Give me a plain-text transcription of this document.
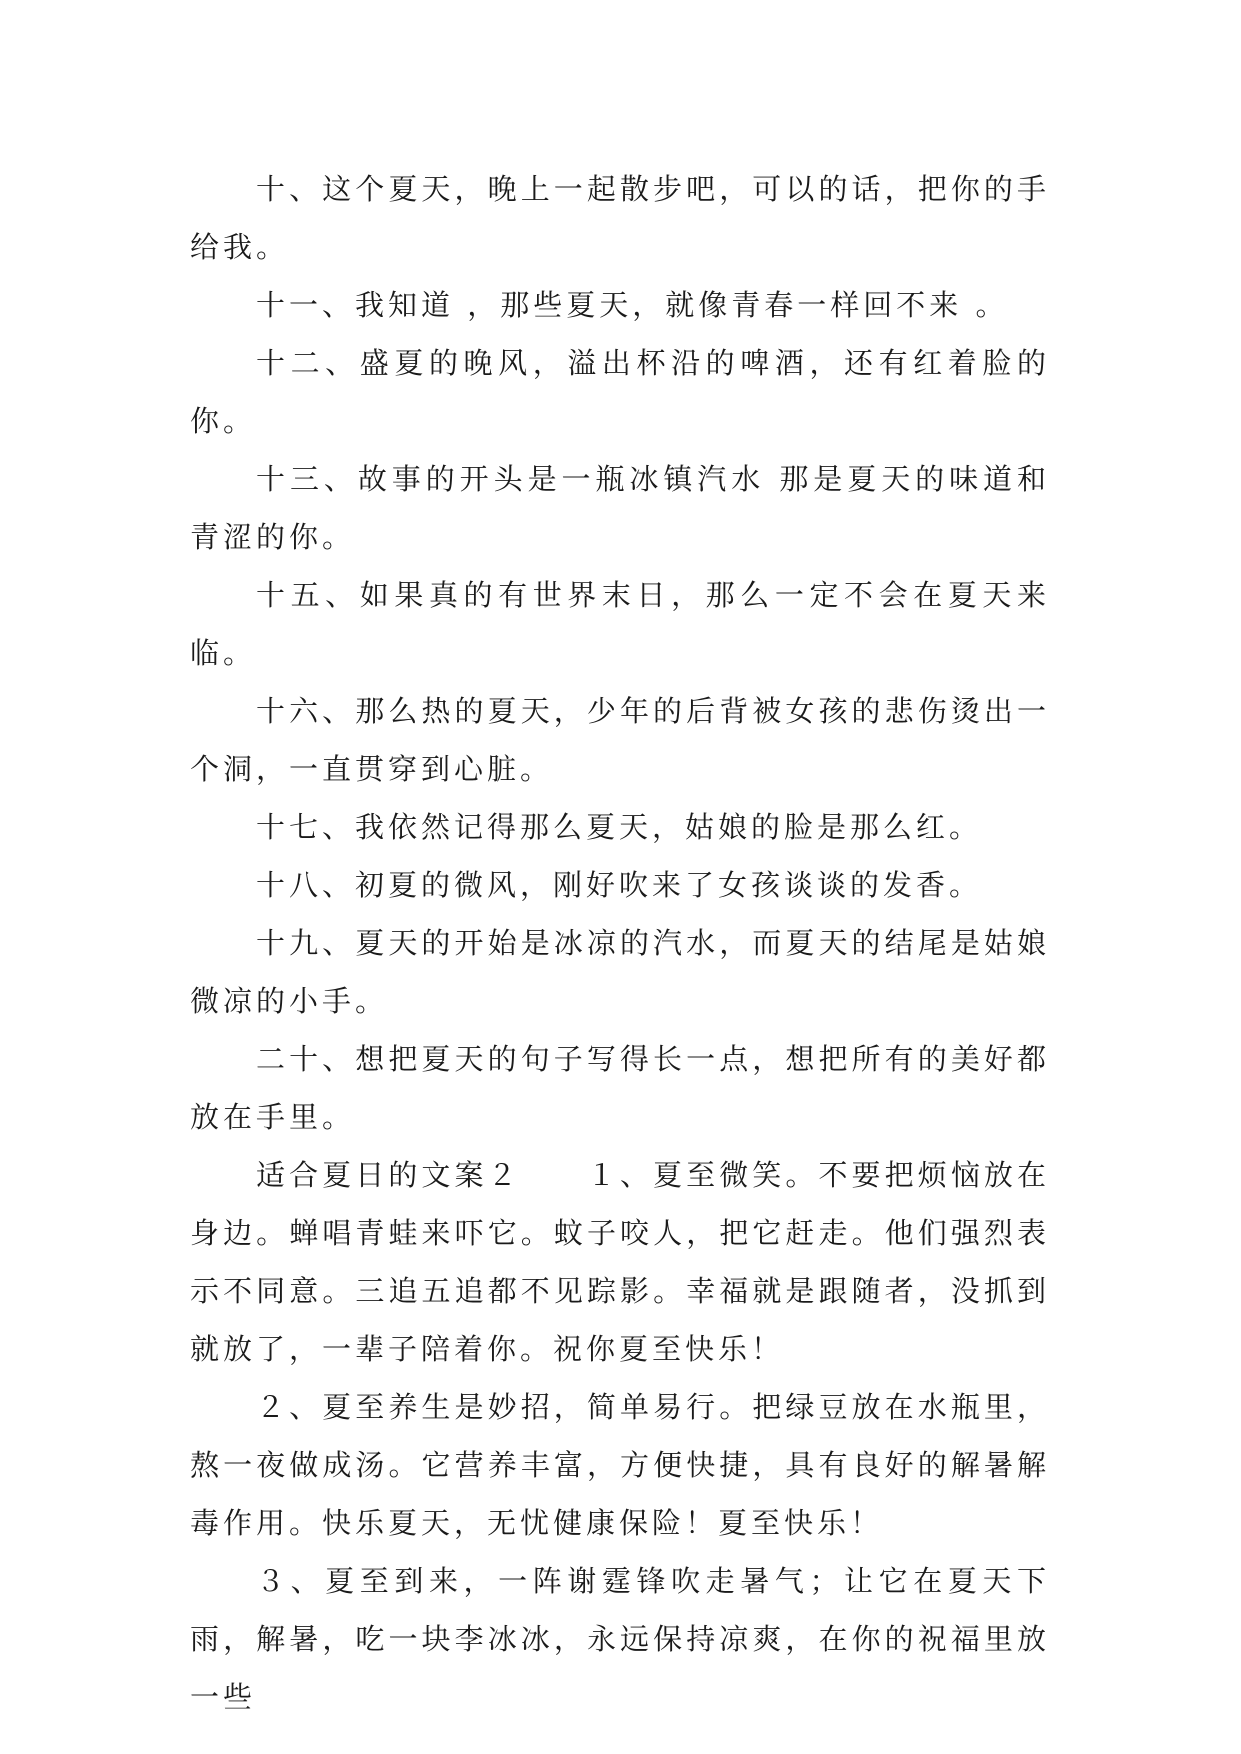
十、这个夏天，晚上一起散步吧，可以的话，把你的手给我。

十一、我知道 ，那些夏天，就像青春一样回不来 。

十二、盛夏的晚风，溢出杯沿的啤酒，还有红着脸的你。

十三、故事的开头是一瓶冰镇汽水 那是夏天的味道和青涩的你。

十五、如果真的有世界末日，那么一定不会在夏天来临。

十六、那么热的夏天，少年的后背被女孩的悲伤烫出一个洞，一直贯穿到心脏。

十七、我依然记得那么夏天，姑娘的脸是那么红。

十八、初夏的微风，刚好吹来了女孩谈谈的发香。

十九、夏天的开始是冰凉的汽水，而夏天的结尾是姑娘微凉的小手。

二十、想把夏天的句子写得长一点，想把所有的美好都放在手里。

适合夏日的文案２　　１、夏至微笑。不要把烦恼放在身边。蝉唱青蛙来吓它。蚊子咬人，把它赶走。他们强烈表示不同意。三追五追都不见踪影。幸福就是跟随者，没抓到就放了，一辈子陪着你。祝你夏至快乐！

２、夏至养生是妙招，简单易行。把绿豆放在水瓶里，熬一夜做成汤。它营养丰富，方便快捷，具有良好的解暑解毒作用。快乐夏天，无忧健康保险！夏至快乐！

３、夏至到来，一阵谢霆锋吹走暑气；让它在夏天下雨，解暑，吃一块李冰冰，永远保持凉爽，在你的祝福里放一些
